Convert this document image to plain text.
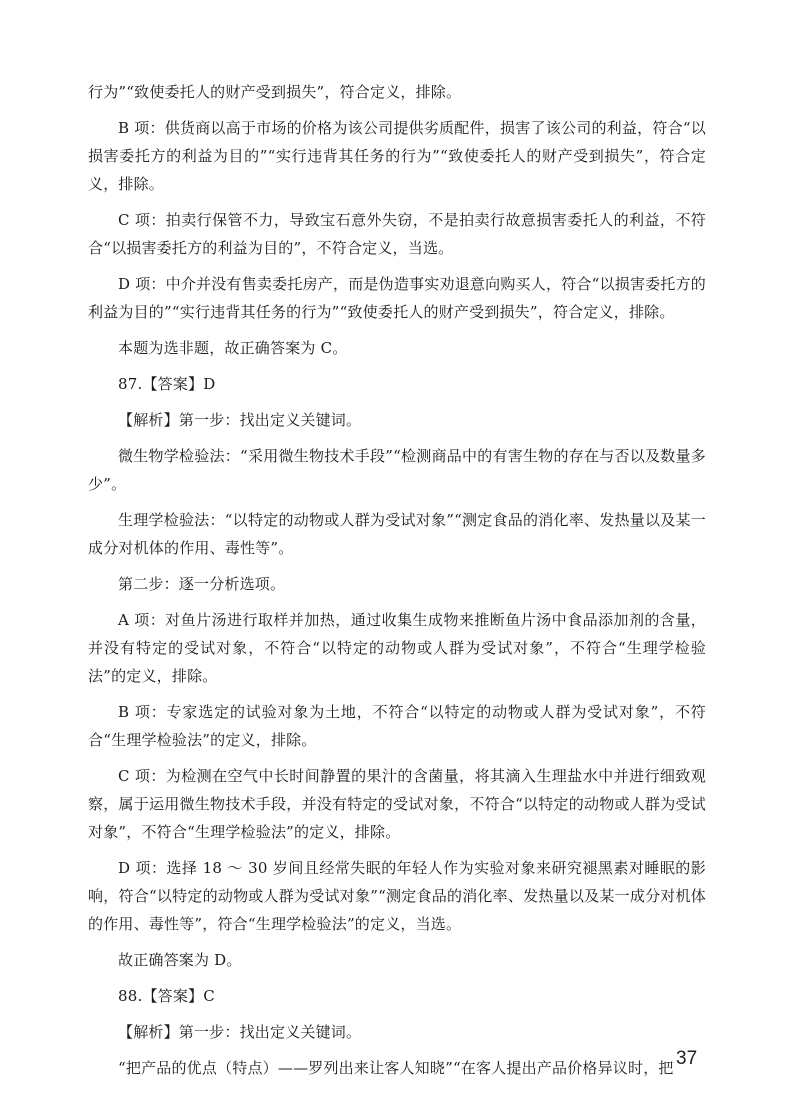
行为”“致使委托人的财产受到损失”，符合定义，排除。

B 项：供货商以高于市场的价格为该公司提供劣质配件，损害了该公司的利益，符合“以损害委托方的利益为目的”“实行违背其任务的行为”“致使委托人的财产受到损失”，符合定义，排除。

C 项：拍卖行保管不力，导致宝石意外失窃，不是拍卖行故意损害委托人的利益，不符合“以损害委托方的利益为目的”，不符合定义，当选。

D 项：中介并没有售卖委托房产，而是伪造事实劝退意向购买人，符合“以损害委托方的利益为目的”“实行违背其任务的行为”“致使委托人的财产受到损失”，符合定义，排除。

本题为选非题，故正确答案为 C。

87.【答案】D

【解析】第一步：找出定义关键词。

微生物学检验法：“采用微生物技术手段”“检测商品中的有害生物的存在与否以及数量多少”。

生理学检验法：“以特定的动物或人群为受试对象”“测定食品的消化率、发热量以及某一成分对机体的作用、毒性等”。

第二步：逐一分析选项。

A 项：对鱼片汤进行取样并加热，通过收集生成物来推断鱼片汤中食品添加剂的含量，并没有特定的受试对象，不符合“以特定的动物或人群为受试对象”，不符合“生理学检验法”的定义，排除。

B 项：专家选定的试验对象为土地，不符合“以特定的动物或人群为受试对象”，不符合“生理学检验法”的定义，排除。

C 项：为检测在空气中长时间静置的果汁的含菌量，将其滴入生理盐水中并进行细致观察，属于运用微生物技术手段，并没有特定的受试对象，不符合“以特定的动物或人群为受试对象”，不符合“生理学检验法”的定义，排除。

D 项：选择 18 ～ 30 岁间且经常失眠的年轻人作为实验对象来研究褪黑素对睡眠的影响，符合“以特定的动物或人群为受试对象”“测定食品的消化率、发热量以及某一成分对机体的作用、毒性等”，符合“生理学检验法”的定义，当选。

故正确答案为 D。

88.【答案】C

【解析】第一步：找出定义关键词。

“把产品的优点（特点）——罗列出来让客人知晓”“在客人提出产品价格异议时，把 37
